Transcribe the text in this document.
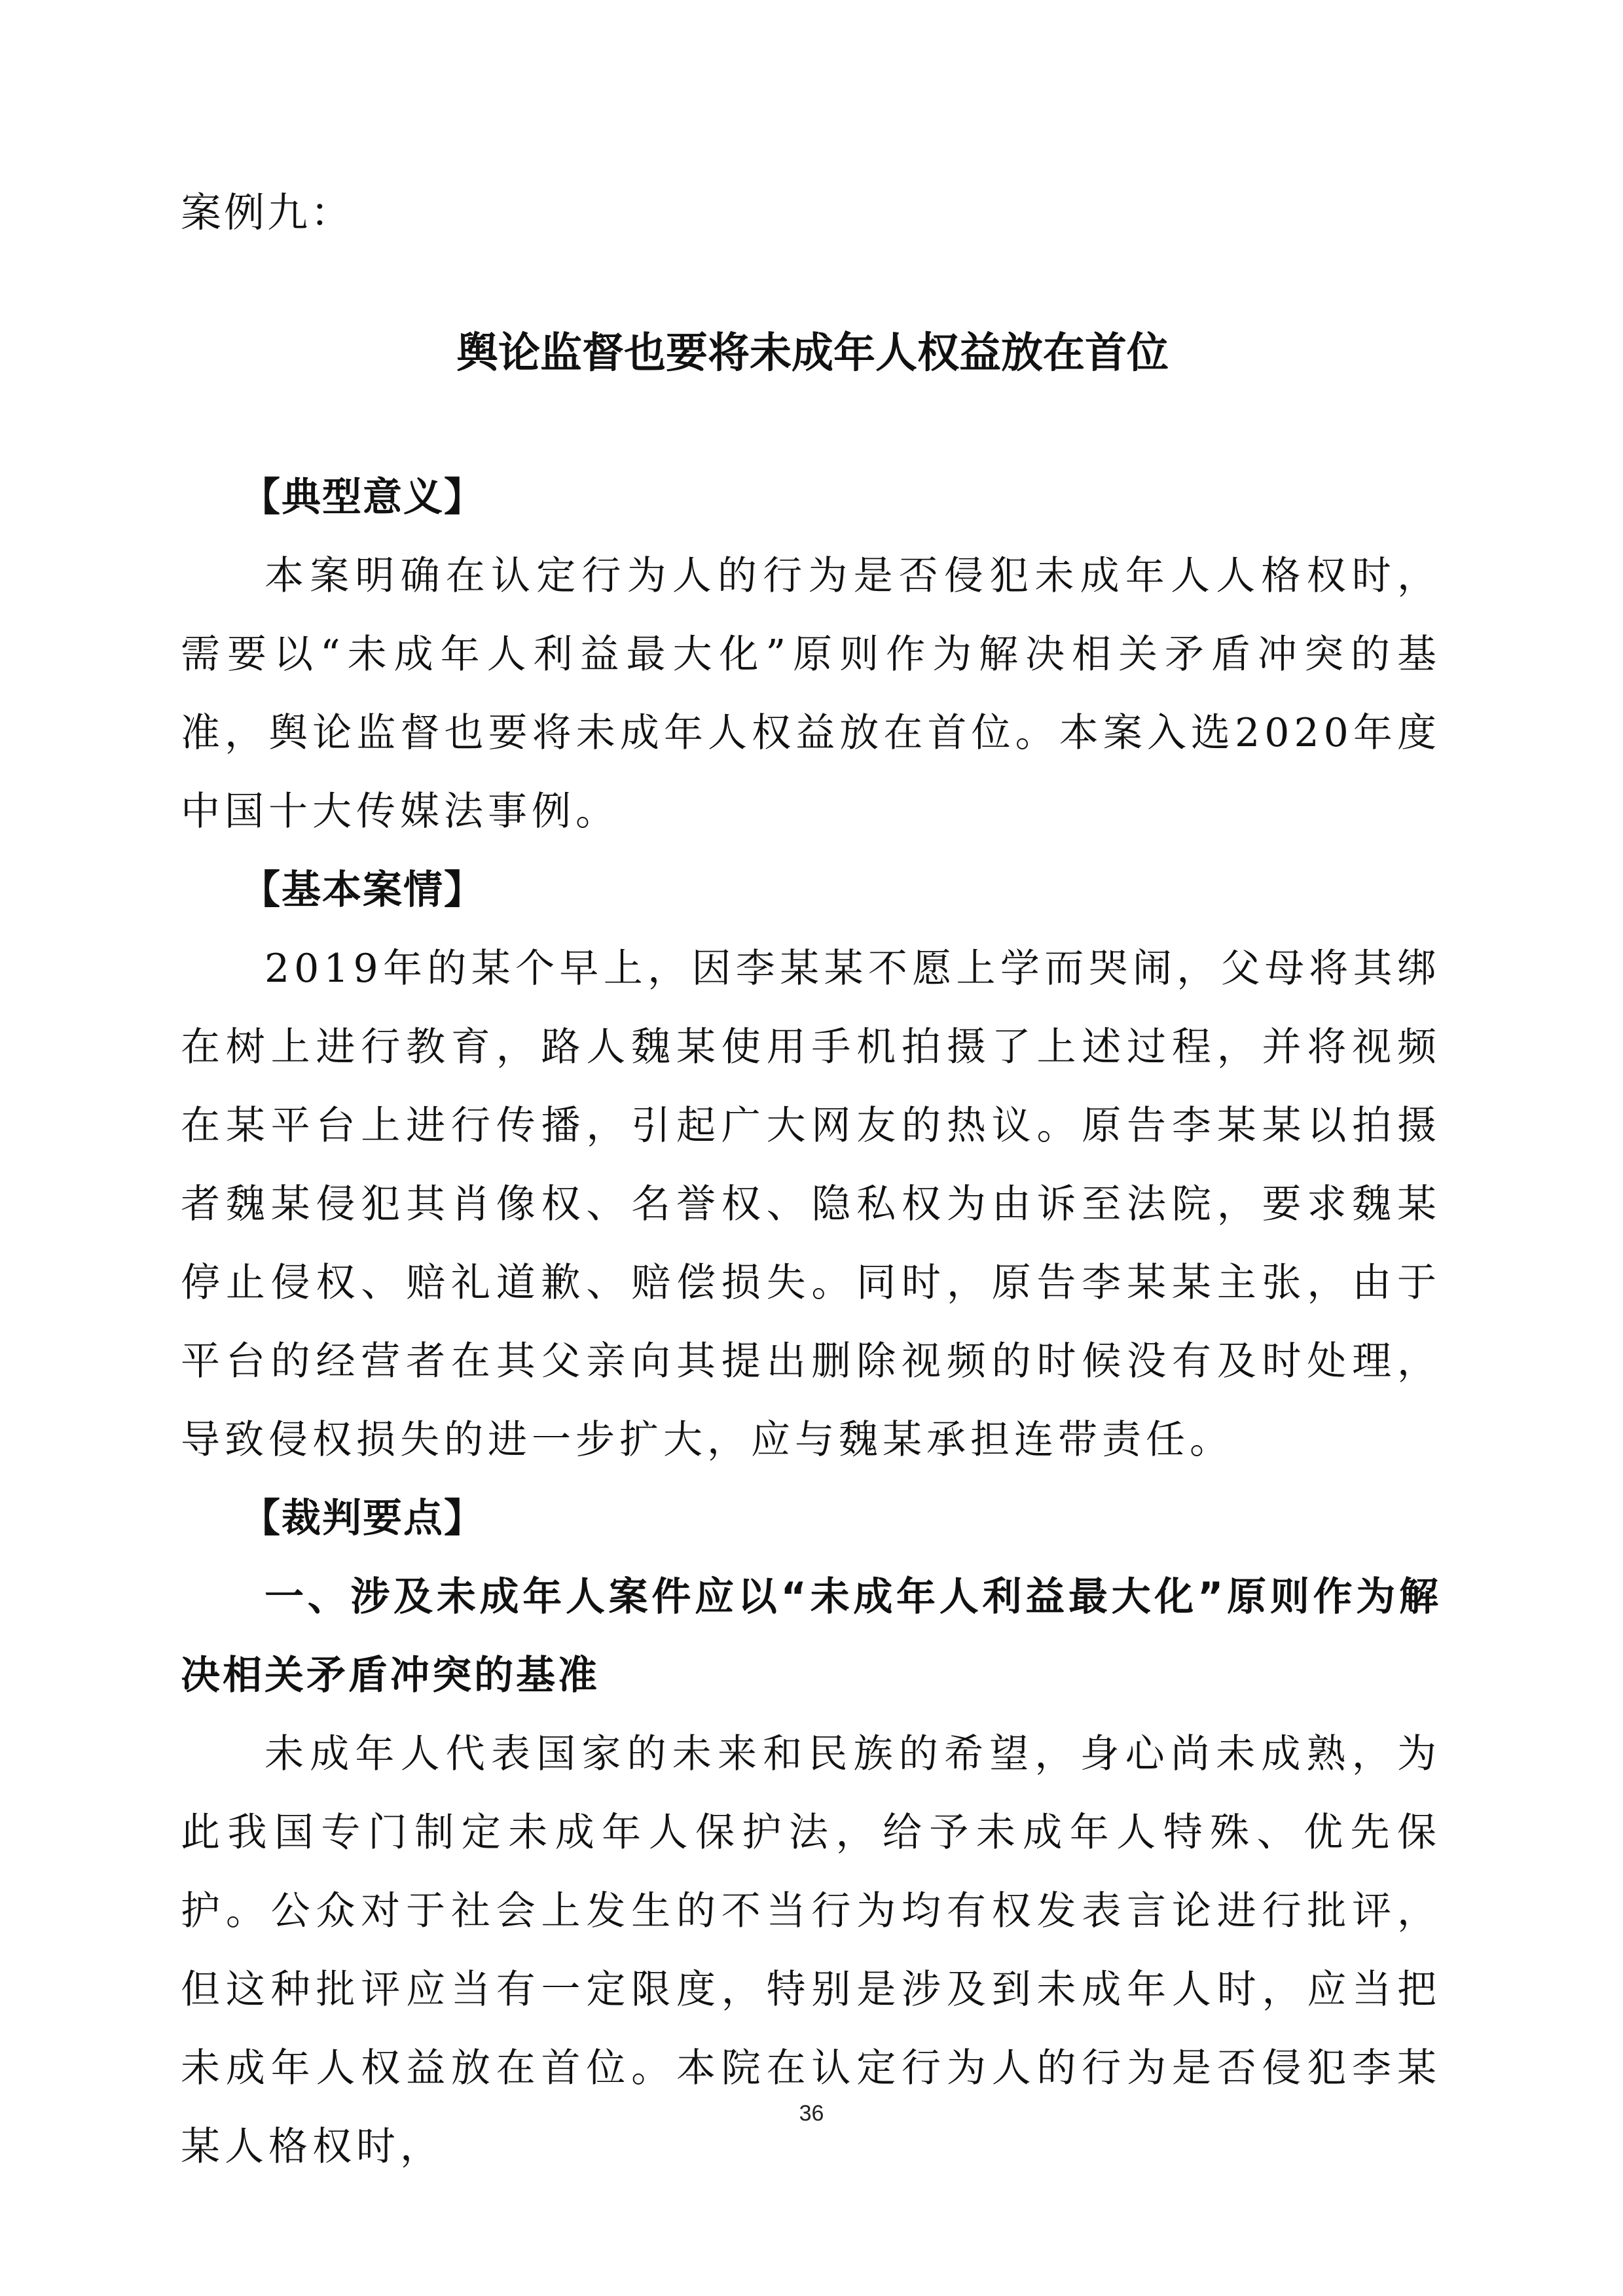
案例九：
舆论监督也要将未成年人权益放在首位

【典型意义】

本案明确在认定行为人的行为是否侵犯未成年人人格权时，需要以“未成年人利益最大化”原则作为解决相关矛盾冲突的基准，舆论监督也要将未成年人权益放在首位。本案入选2020年度中国十大传媒法事例。

【基本案情】

2019年的某个早上，因李某某不愿上学而哭闹，父母将其绑在树上进行教育，路人魏某使用手机拍摄了上述过程，并将视频在某平台上进行传播，引起广大网友的热议。原告李某某以拍摄者魏某侵犯其肖像权、名誉权、隐私权为由诉至法院，要求魏某停止侵权、赔礼道歉、赔偿损失。同时，原告李某某主张，由于平台的经营者在其父亲向其提出删除视频的时候没有及时处理，导致侵权损失的进一步扩大，应与魏某承担连带责任。

【裁判要点】

一、涉及未成年人案件应以“未成年人利益最大化”原则作为解决相关矛盾冲突的基准

未成年人代表国家的未来和民族的希望，身心尚未成熟，为此我国专门制定未成年人保护法，给予未成年人特殊、优先保护。公众对于社会上发生的不当行为均有权发表言论进行批评，但这种批评应当有一定限度，特别是涉及到未成年人时，应当把未成年人权益放在首位。本院在认定行为人的行为是否侵犯李某某人格权时，

36
